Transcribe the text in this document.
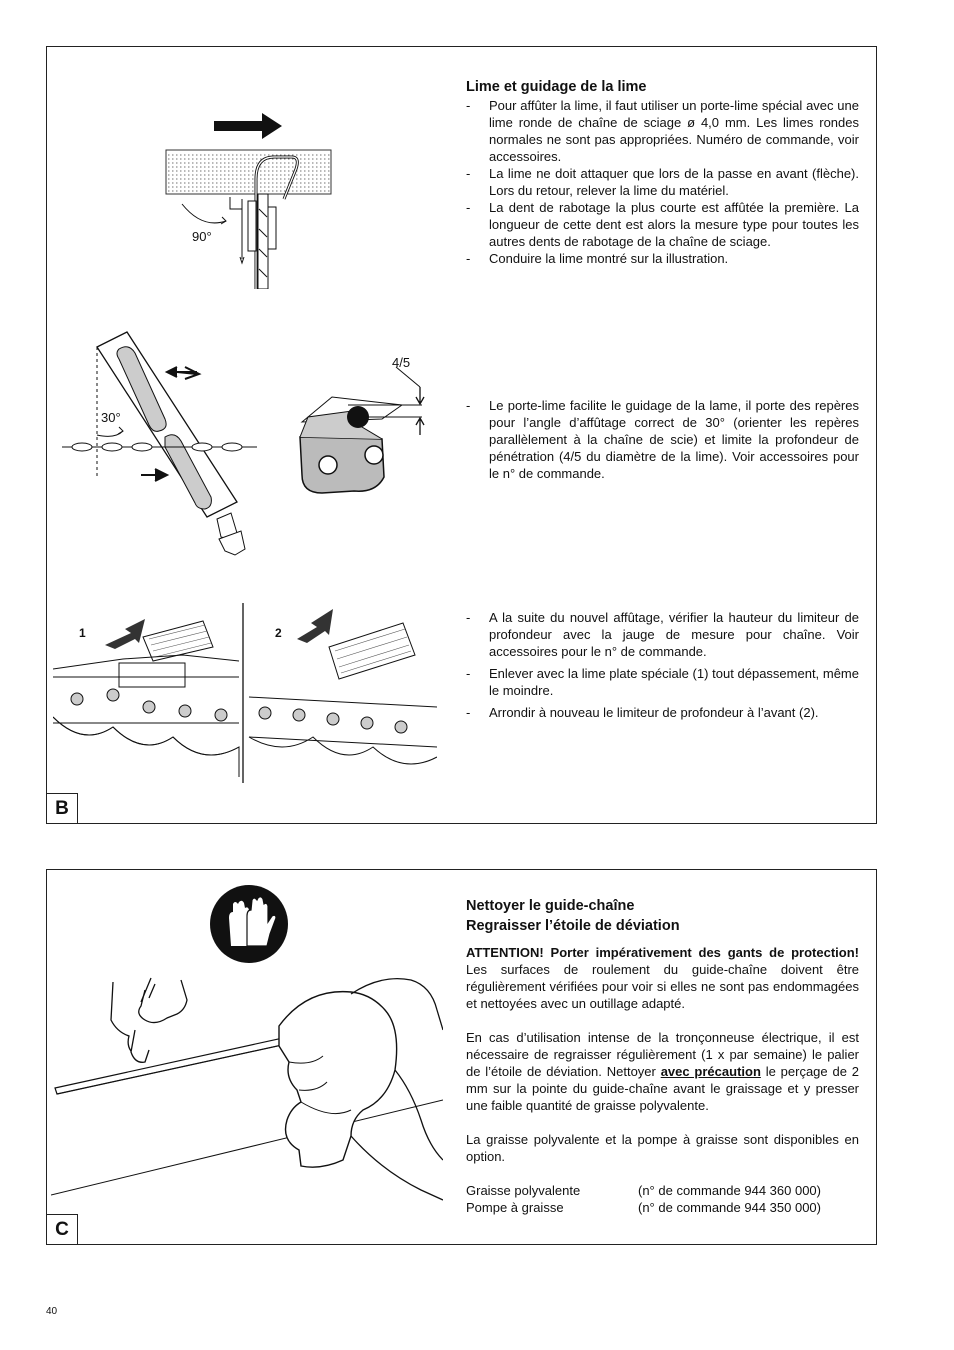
90°
30°
4/5
1	2
Lime et guidage de la lime
- Pour affûter la lime, il faut utiliser un porte-lime spécial avec une lime ronde de chaîne de sciage ø 4,0 mm. Les limes rondes normales ne sont pas appropriées. Numéro de commande, voir accessoires.
- La lime ne doit attaquer que lors de la passe en avant (flèche). Lors du retour, relever la lime du matériel.
- La dent de rabotage la plus courte est affûtée la première. La longueur de cette dent est alors la mesure type pour toutes les autres dents de rabotage de la chaîne de sciage.
- Conduire la lime montré sur la illustration.
- Le porte-lime facilite le guidage de la lame, il porte des repères pour l’angle d’affûtage correct de 30° (orienter les repères parallèlement à la chaîne de scie) et limite la profondeur de pénétration (4/5 du diamètre de la lime). Voir accessoires pour le n° de commande.
- A la suite du nouvel affûtage, vérifier la hauteur du limiteur de profondeur avec la jauge de mesure pour chaîne. Voir accessoires pour le n° de commande.
- Enlever avec la lime plate spéciale (1) tout dépassement, même le moindre.
- Arrondir à nouveau le limiteur de profondeur à l’avant (2).
B
Nettoyer le guide-chaîne
Regraisser l’étoile de déviation

ATTENTION! Porter impérativement des gants de protection! Les surfaces de roulement du guide-chaîne doivent être régulièrement vérifiées pour voir si elles ne sont pas endommagées et nettoyées avec un outillage adapté.

En cas d’utilisation intense de la tronçonneuse électrique, il est nécessaire de regraisser régulièrement (1 x par semaine) le palier de l’étoile de déviation. Nettoyer avec précaution le perçage de 2 mm sur la pointe du guide-chaîne avant le graissage et y presser une faible quantité de graisse polyvalente.

La graisse polyvalente et la pompe à graisse sont disponibles en option.

Graisse polyvalente	(n° de commande 944 360 000)
Pompe à graisse	(n° de commande 944 350 000)
C
40
